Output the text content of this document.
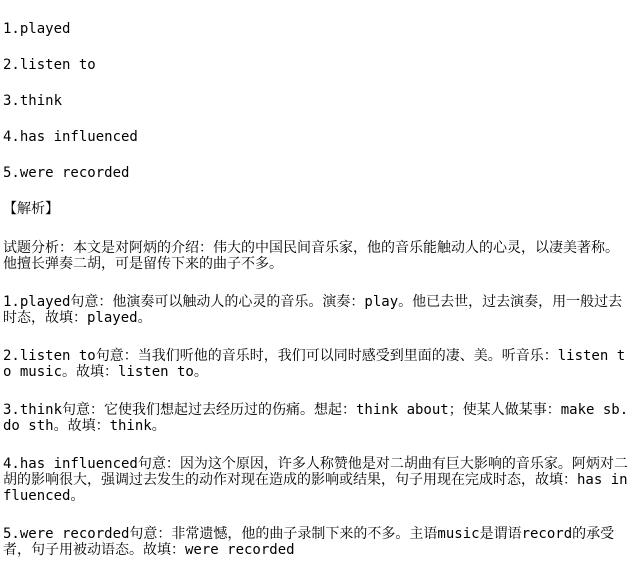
1.played
2.listen to
3.think
4.has influenced
5.were recorded
【解析】

试题分析：本文是对阿炳的介绍：伟大的中国民间音乐家，他的音乐能触动人的心灵，以凄美著称。他擅长弹奏二胡，可是留传下来的曲子不多。

1.played句意：他演奏可以触动人的心灵的音乐。演奏：play。他已去世，过去演奏，用一般过去时态，故填：played。

2.listen to句意：当我们听他的音乐时，我们可以同时感受到里面的凄、美。听音乐：listen to music。故填：listen to。

3.think句意：它使我们想起过去经历过的伤痛。想起：think about；使某人做某事：make sb. do sth。故填：think。

4.has influenced句意：因为这个原因，许多人称赞他是对二胡曲有巨大影响的音乐家。阿炳对二胡的影响很大，强调过去发生的动作对现在造成的影响或结果，句子用现在完成时态，故填：has influenced。

5.were recorded句意：非常遗憾，他的曲子录制下来的不多。主语music是谓语record的承受者，句子用被动语态。故填：were recorded
